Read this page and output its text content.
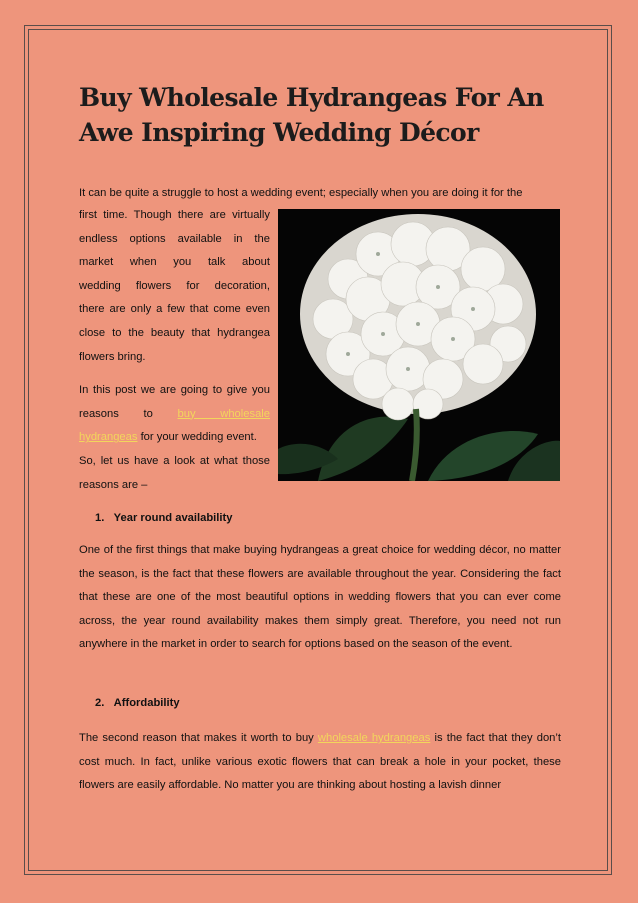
Buy Wholesale Hydrangeas For An
Awe Inspiring Wedding Décor

It can be quite a struggle to host a wedding event; especially when you are doing it for the

first time. Though there are virtually

endless options available in the

market when you talk about

wedding flowers for decoration,

there are only a few that come even

close to the beauty that hydrangea

flowers bring.

In this post we are going to give you

reasons to buy wholesale

hydrangeas for your wedding event.

So, let us have a look at what those

reasons are –

1. Year round availability

One of the first things that make buying hydrangeas a great choice for wedding décor, no matter the season, is the fact that these flowers are available throughout the year. Considering the fact that these are one of the most beautiful options in wedding flowers that you can ever come across, the year round availability makes them simply great. Therefore, you need not run anywhere in the market in order to search for options based on the season of the event.

2. Affordability

The second reason that makes it worth to buy wholesale hydrangeas is the fact that they don’t cost much. In fact, unlike various exotic flowers that can break a hole in your pocket, these flowers are easily affordable. No matter you are thinking about hosting a lavish dinner
